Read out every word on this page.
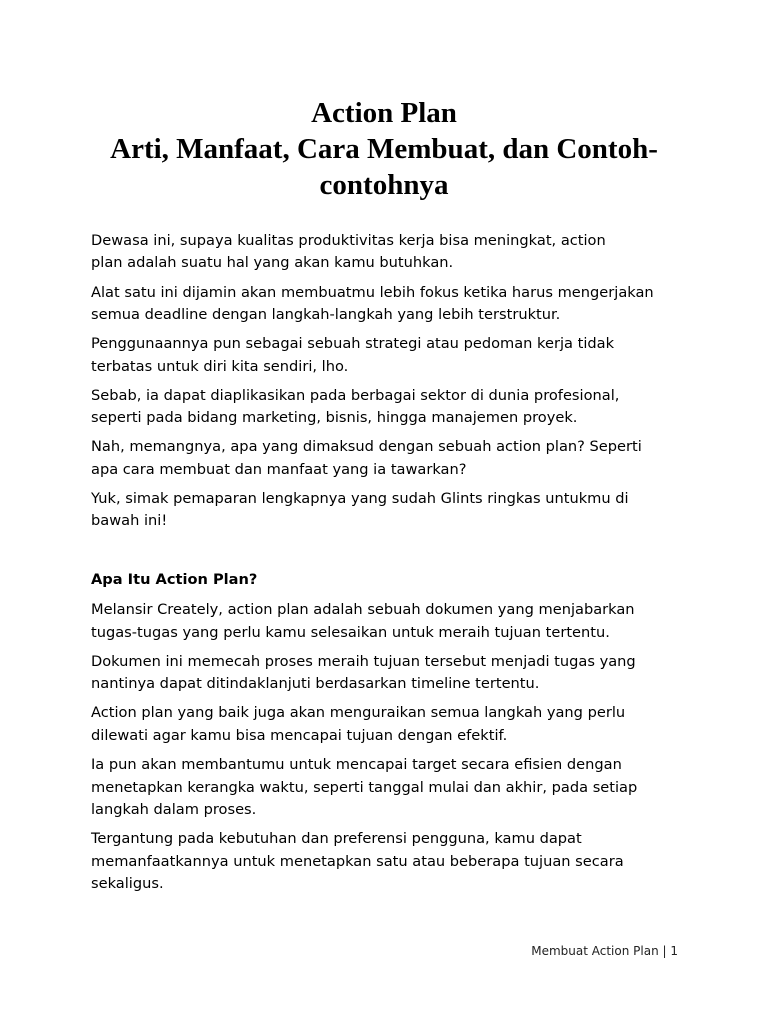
Action Plan
Arti, Manfaat, Cara Membuat, dan Contoh-
contohnya

Dewasa ini, supaya kualitas produktivitas kerja bisa meningkat, action
plan adalah suatu hal yang akan kamu butuhkan.

Alat satu ini dijamin akan membuatmu lebih fokus ketika harus mengerjakan
semua deadline dengan langkah-langkah yang lebih terstruktur.

Penggunaannya pun sebagai sebuah strategi atau pedoman kerja tidak
terbatas untuk diri kita sendiri, lho.

Sebab, ia dapat diaplikasikan pada berbagai sektor di dunia profesional,
seperti pada bidang marketing, bisnis, hingga manajemen proyek.

Nah, memangnya, apa yang dimaksud dengan sebuah action plan? Seperti
apa cara membuat dan manfaat yang ia tawarkan?

Yuk, simak pemaparan lengkapnya yang sudah Glints ringkas untukmu di
bawah ini!

Apa Itu Action Plan?

Melansir Creately, action plan adalah sebuah dokumen yang menjabarkan
tugas-tugas yang perlu kamu selesaikan untuk meraih tujuan tertentu.

Dokumen ini memecah proses meraih tujuan tersebut menjadi tugas yang
nantinya dapat ditindaklanjuti berdasarkan timeline tertentu.

Action plan yang baik juga akan menguraikan semua langkah yang perlu
dilewati agar kamu bisa mencapai tujuan dengan efektif.

Ia pun akan membantumu untuk mencapai target secara efisien dengan
menetapkan kerangka waktu, seperti tanggal mulai dan akhir, pada setiap
langkah dalam proses.

Tergantung pada kebutuhan dan preferensi pengguna, kamu dapat
memanfaatkannya untuk menetapkan satu atau beberapa tujuan secara
sekaligus.

Membuat Action Plan | 1
